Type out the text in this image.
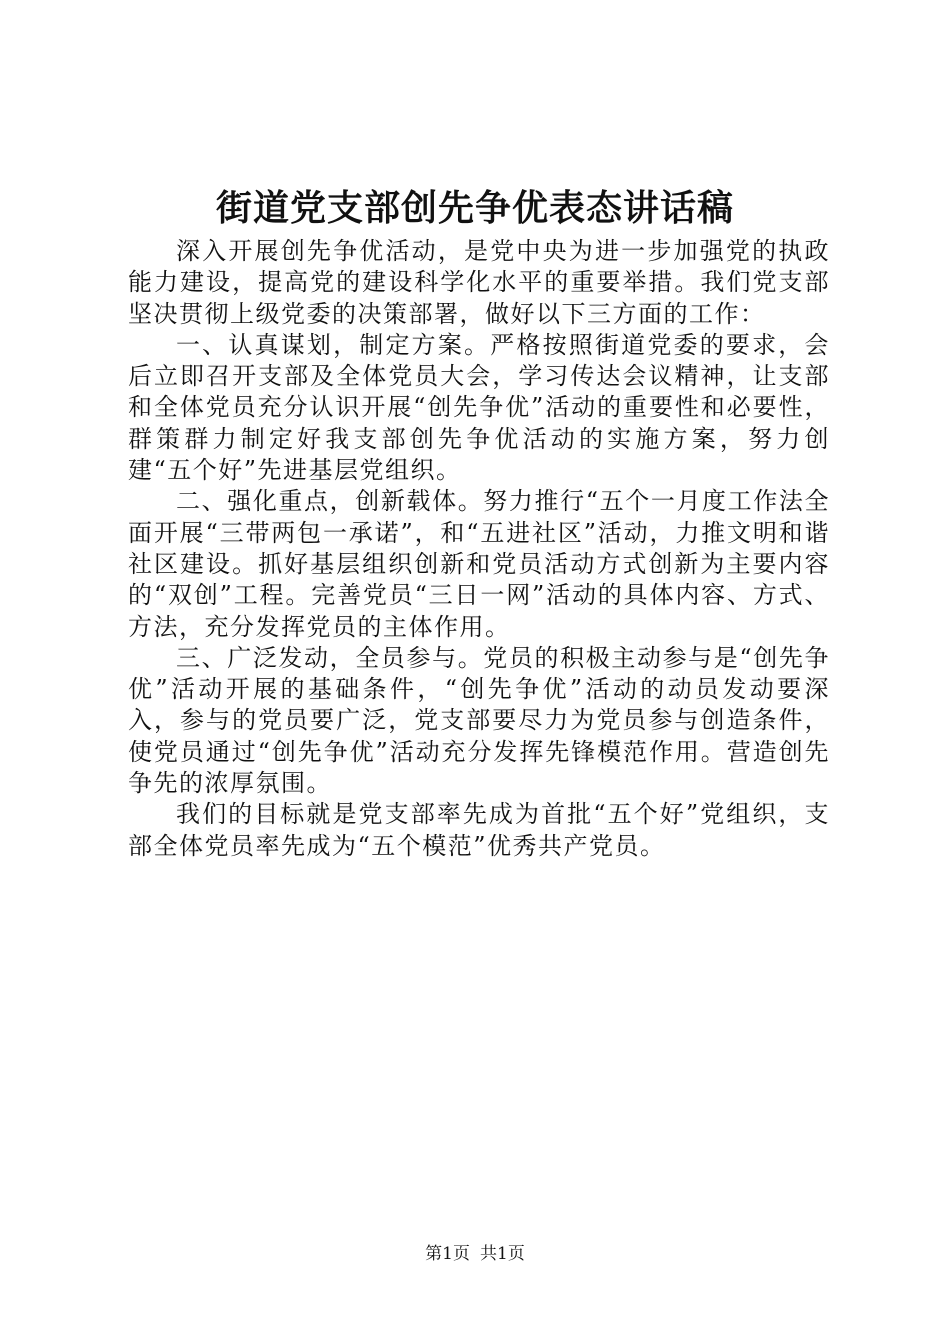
街道党支部创先争优表态讲话稿

深入开展创先争优活动，是党中央为进一步加强党的执政能力建设，提高党的建设科学化水平的重要举措。我们党支部坚决贯彻上级党委的决策部署，做好以下三方面的工作：

一、认真谋划，制定方案。严格按照街道党委的要求，会后立即召开支部及全体党员大会，学习传达会议精神，让支部和全体党员充分认识开展“创先争优”活动的重要性和必要性，群策群力制定好我支部创先争优活动的实施方案，努力创建“五个好”先进基层党组织。

二、强化重点，创新载体。努力推行“五个一月度工作法全面开展“三带两包一承诺”，和“五进社区”活动，力推文明和谐社区建设。抓好基层组织创新和党员活动方式创新为主要内容的“双创”工程。完善党员“三日一网”活动的具体内容、方式、方法，充分发挥党员的主体作用。

三、广泛发动，全员参与。党员的积极主动参与是“创先争优”活动开展的基础条件，“创先争优”活动的动员发动要深入，参与的党员要广泛，党支部要尽力为党员参与创造条件，使党员通过“创先争优”活动充分发挥先锋模范作用。营造创先争先的浓厚氛围。

我们的目标就是党支部率先成为首批“五个好”党组织，支部全体党员率先成为“五个模范”优秀共产党员。

第1页 共1页
